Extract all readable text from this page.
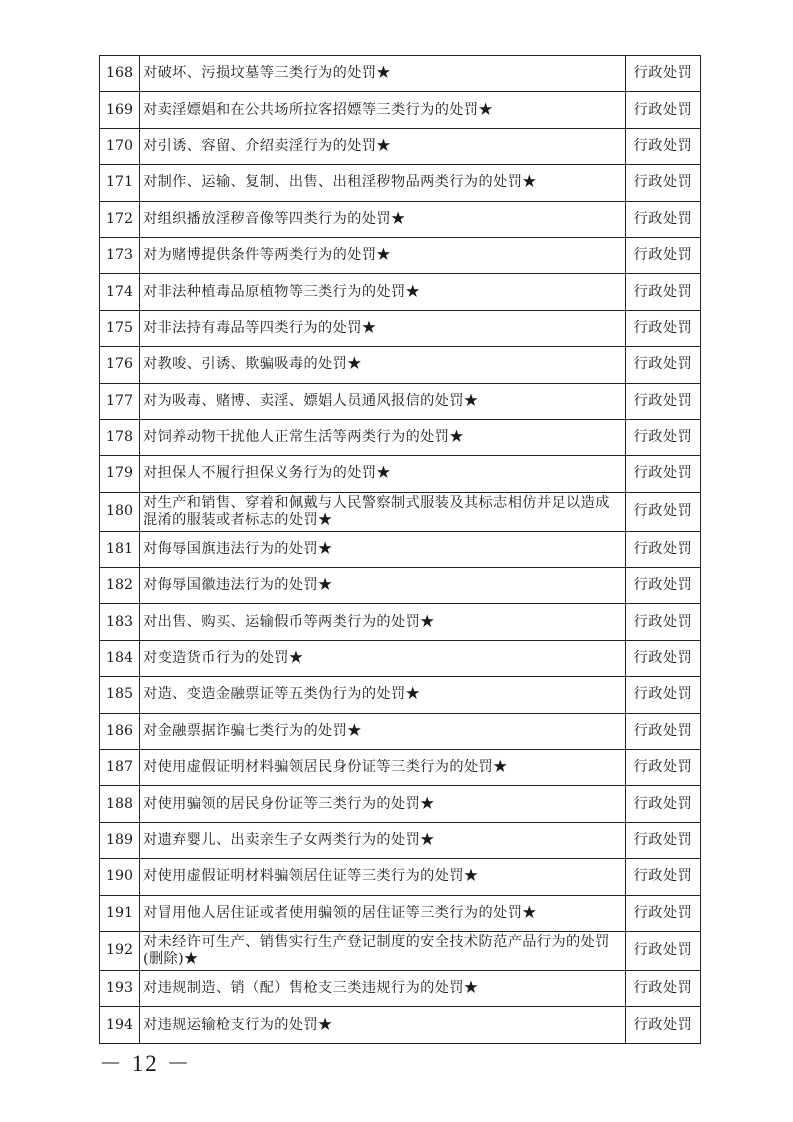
168	对破坏、污损坟墓等三类行为的处罚★	行政处罚
169	对卖淫嫖娼和在公共场所拉客招嫖等三类行为的处罚★	行政处罚
170	对引诱、容留、介绍卖淫行为的处罚★	行政处罚
171	对制作、运输、复制、出售、出租淫秽物品两类行为的处罚★	行政处罚
172	对组织播放淫秽音像等四类行为的处罚★	行政处罚
173	对为赌博提供条件等两类行为的处罚★	行政处罚
174	对非法种植毒品原植物等三类行为的处罚★	行政处罚
175	对非法持有毒品等四类行为的处罚★	行政处罚
176	对教唆、引诱、欺骗吸毒的处罚★	行政处罚
177	对为吸毒、赌博、卖淫、嫖娼人员通风报信的处罚★	行政处罚
178	对饲养动物干扰他人正常生活等两类行为的处罚★	行政处罚
179	对担保人不履行担保义务行为的处罚★	行政处罚
180	对生产和销售、穿着和佩戴与人民警察制式服装及其标志相仿并足以造成混淆的服装或者标志的处罚★	行政处罚
181	对侮辱国旗违法行为的处罚★	行政处罚
182	对侮辱国徽违法行为的处罚★	行政处罚
183	对出售、购买、运输假币等两类行为的处罚★	行政处罚
184	对变造货币行为的处罚★	行政处罚
185	对造、变造金融票证等五类伪行为的处罚★	行政处罚
186	对金融票据诈骗七类行为的处罚★	行政处罚
187	对使用虚假证明材料骗领居民身份证等三类行为的处罚★	行政处罚
188	对使用骗领的居民身份证等三类行为的处罚★	行政处罚
189	对遗弃婴儿、出卖亲生子女两类行为的处罚★	行政处罚
190	对使用虚假证明材料骗领居住证等三类行为的处罚★	行政处罚
191	对冒用他人居住证或者使用骗领的居住证等三类行为的处罚★	行政处罚
192	对未经许可生产、销售实行生产登记制度的安全技术防范产品行为的处罚(删除)★	行政处罚
193	对违规制造、销（配）售枪支三类违规行为的处罚★	行政处罚
194	对违规运输枪支行为的处罚★	行政处罚
－ 12 －
